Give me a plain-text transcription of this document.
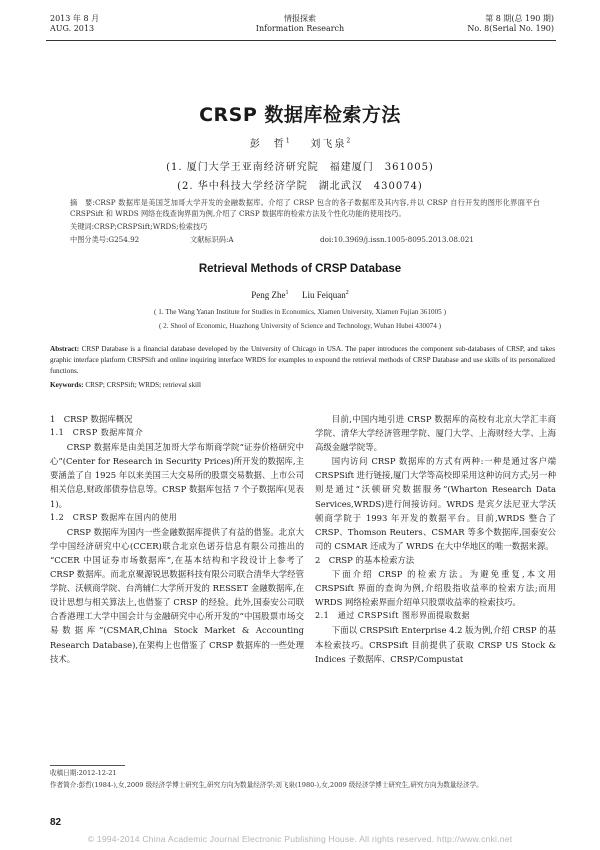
2013 年 8 月
AUG. 2013
情报探索
Information Research
第 8 期(总 190 期)
No. 8(Serial No. 190)
CRSP 数据库检索方法
彭　哲$^1$ 刘飞泉$^2$
(1. 厦门大学王亚南经济研究院　福建厦门　361005)
(2. 华中科技大学经济学院　湖北武汉　430074)
摘　要:CRSP 数据库是美国芝加哥大学开发的金融数据库。介绍了 CRSP 包含的各子数据库及其内容,并以 CRSP 自行开发的图形化界面平台 CRSPSift 和 WRDS 网络在线查询界面为例,介绍了 CRSP 数据库的检索方法及个性化功能的使用技巧。
关键词:CRSP;CRSPSift;WRDS;检索技巧
中图分类号:G254.92	文献标识码:A	doi:10.3969/j.issn.1005-8095.2013.08.021
Retrieval Methods of CRSP Database
Peng Zhe$^1$ Liu Feiquan$^2$
( 1. The Wang Yanan Institute for Studies in Economics, Xiamen University, Xiamen Fujian 361005 )
( 2. Shool of Economic, Huazhong University of Science and Technology, Wuhan Hubei 430074 )
Abstract: CRSP Database is a financial database developed by the University of Chicago in USA. The paper introduces the component sub-databases of CRSP, and takes graphic interface platform CRSPSift and online inquiring interface WRDS for examples to expound the retrieval methods of CRSP Database and use skills of its personalized functions.
Keywords: CRSP; CRSPSift; WRDS; retrieval skill

1　CRSP 数据库概况

1.1　CRSP 数据库简介

CRSP 数据库是由美国芝加哥大学布斯商学院“证券价格研究中心”(Center for Research in Security Prices)所开发的数据库,主要涵盖了自 1925 年以来美国三大交易所的股票交易数据、上市公司相关信息,财政部债券信息等。CRSP 数据库包括 7 个子数据库(见表 1)。

1.2　CRSP 数据库在国内的使用

CRSP 数据库为国内一些金融数据库提供了有益的借鉴。北京大学中国经济研究中心(CCER)联合北京色诺芬信息有限公司推出的 “CCER 中国证券市场数据库”,在基本结构和字段设计上参考了 CRSP 数据库。而北京聚源锐思数据科技有限公司联合清华大学经管学院、沃顿商学院、台湾辅仁大学所开发的 RESSET 金融数据库,在设计思想与相关算法上,也借鉴了 CRSP 的经验。此外,国泰安公司联合香港理工大学中国会计与金融研究中心所开发的“中国股票市场交易数据库”(CSMAR,China Stock Market & Accounting Research Database),在架构上也借鉴了 CRSP 数据库的一些处理技术。

目前,中国内地引进 CRSP 数据库的高校有北京大学汇丰商学院、清华大学经济管理学院、厦门大学、上海财经大学、上海高级金融学院等。

国内访问 CRSP 数据库的方式有两种:一种是通过客户端 CRSPSift 进行链接,厦门大学等高校即采用这种访问方式;另一种则是通过“沃顿研究数据服务”(Wharton Research Data Services,WRDS)进行间接访问。WRDS 是宾夕法尼亚大学沃顿商学院于 1993 年开发的数据平台。目前,WRDS 整合了 CRSP、Thomson Reuters、CSMAR 等多个数据库,国泰安公司的 CSMAR 还成为了 WRDS 在大中华地区的唯一数据来源。

2　CRSP 的基本检索方法

下面介绍 CRSP 的检索方法。为避免重复,本文用 CRSPSift 界面的查询为例,介绍股指收益率的检索方法;而用 WRDS 网络检索界面介绍单只股票收益率的检索技巧。

2.1　通过 CRSPSift 图形界面提取数据

下面以 CRSPSift Enterprise 4.2 版为例,介绍 CRSP 的基本检索技巧。CRSPSift 目前提供了获取 CRSP US Stock & Indices 子数据库、CRSP/Compustat

收稿日期:2012-12-21

作者简介:彭哲(1984-),女,2009 级经济学博士研究生,研究方向为数量经济学;刘飞泉(1980-),女,2009 级经济学博士研究生,研究方向为数量经济学。

82
© 1994-2014 China Academic Journal Electronic Publishing House. All rights reserved. http://www.cnki.net
